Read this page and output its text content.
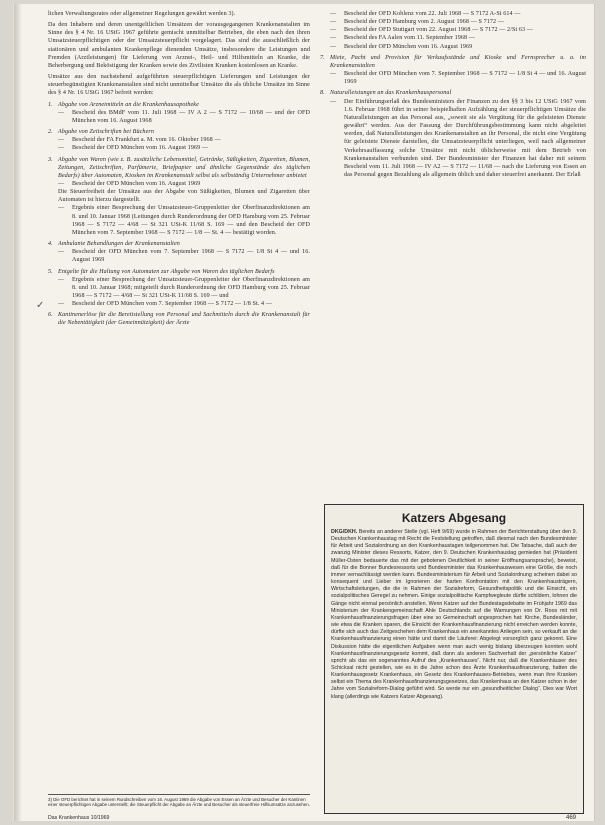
lichen Verwaltungsrates oder allgemeiner Regelungen gewährt werden 3).

Da den Inhabern und deren unentgeltlichen Umsätzen der vorausgegangenen Krankenanstalten im Sinne des § 4 Nr. 16 UStG 1967 geführte gemischt unmittelbar Betrieben, die eben nach den ihren Umsatzsteuerpflichtigen oder der Umsatzsteuerpflicht vorgelagert. Das sind die ausschließlich der stationären und ambulanten Krankenpflege dienenden Umsätze, insbesondere die Leistungen und Fremden (Arztleistungen) für Lieferung von Arznei-, Heil- und Hilfsmitteln an Kranke, die Beherbergung und Beköstigung der Kranken sowie des Zivilisten Kranken kostenlosen an Kranke.

Umsätze aus den nachstehend aufgeführten steuerpflichtigen Lieferungen und Leistungen der steuerbegünstigten Krankenanstalten sind nicht unmittelbar Umsätze die als übliche Umsätze im Sinne des § 4 Nr. 16 UStG 1967 befreit werden:

1. Abgabe von Arzneimitteln an die Krankenhausapotheke
—	Bescheid des BMdF vom 11. Juli 1968 — IV A 2 — S 7172 — 10/68 — und der OFD München vom 16. August 1968
2. Abgabe von Zeitschriften bei Büchern
—	Bescheid der FA Frankfurt a. M. vom 16. Oktober 1968 —
—	Bescheid der OFD München vom 16. August 1969 —
3. Abgabe von Waren (wie z. B. zusätzliche Lebensmittel, Getränke, Süßigkeiten, Zigaretten, Blumen, Zeitungen, Zeitschriften, Parfümerie, Briefpapier und ähnliche Gegenstände des täglichen Bedarfs) über Automaten, Kiosken im Krankenanstalt selbst als selbständig Unternehmer anbietet
—	Bescheid der OFD München vom 16. August 1969
Die Steuerfreiheit der Umsätze aus der Abgabe von Süßigkeiten, Blumen und Zigaretten über Automaten ist hierzu dargestellt.
—	Ergebnis einer Besprechung der Umsatzsteuer-Gruppenleiter der Oberfinanzdirektionen am 8. und 10. Januar 1968 (Leitungen durch Runderordnung der OFD Hamburg vom 25. Februar 1968 — S 7172 — 4/68 — St 321 USt-K 11/68 S. 169 — und den Bescheid der OFD München vom 7. September 1968 — S 7172 — 1/8 — St. 4 — bestätigt worden.
4. Ambulante Behandlungen der Krankenanstalten
—	Bescheid der OFD München vom 7. September 1968 — S 7172 — 1/8 St 4 — und 16. August 1969
5. Entgelte für die Haltung von Automaten zur Abgabe von Waren des täglichen Bedarfs
—	Ergebnis einer Besprechung der Umsatzsteuer-Gruppenleiter der Oberfinanzdirektionen am 8. und 10. Januar 1968; mitgeteilt durch Runderordnung der OFD Hamburg vom 25. Februar 1968 — S 7172 — 4/68 — St 321 USt-K 11/68 S. 169 — und
—	Bescheid der OFD München vom 7. September 1968 — S 7172 — 1/8 St. 4 —
6. Kantinenerlöse für die Bereitstellung von Personal und Sachmitteln durch die Krankenanstalt für die Nebentätigkeit (der Gemeinnützigkeit) der Ärzte
✓
3) Die OFD berichtet hat in seinem Rundschreiben vom 16. August 1969 die Abgabe von Essen an Ärzte und Besucher der Kantinen einer steuerpflichtigen Abgabe unterstellt; die Steuerpflicht der Abgabe an Ärzte und Besucher als steuerfreie Hilfsumsätze anzusehen.
Das Krankenhaus 10/1969	469
—	Bescheid der OFD Koblenz vom 22. Juli 1968 — S 7172 A-St 614 —
—	Bescheid der OFD Hamburg vom 2. August 1968 — S 7172 —
—	Bescheid der OFD Stuttgart vom 22. August 1968 — S 7172 — 2/St 63 —
—	Bescheid des FA Aalen vom 11. September 1968 —
—	Bescheid der OFD München vom 16. August 1969
7. Miete, Pacht und Provision für Verkaufsstände und Kioske und Fernsprecher u. a. im Krankenanstalten
—	Bescheid der OFD München vom 7. September 1968 — S 7172 — 1/8 St 4 — und 16. August 1969
8. Naturalleistungen an das Krankenhauspersonal
—	Der Einführungserlaß des Bundesministers der Finanzen zu den §§ 3 bis 12 UStG 1967 vom 1.6. Februar 1968 führt in seiner beispielhaften Aufzählung der steuerpflichtigen Umsätze die Naturalleistungen an das Personal aus, „soweit sie als Vergütung für die geleisteten Dienste gewährt“ werden. Aus der Fassung der Durchführungsbestimmung kann nicht abgeleitet werden, daß Naturalleistungen des Krankenanstalten an ihr Personal, die nicht eine Vergütung für geleistete Dienste darstellen, die Umsatzsteuerpflicht unterliegen, weil nach allgemeiner Verkehrsauffassung solche Umsätze mit nicht üblicherweise mit dem Betrieb von Krankenanstalten verbunden sind. Der Bundesminister der Finanzen hat daher mit seinem Bescheid vom 11. Juli 1968 — IV A2 — S 7172 — 11/68 — nach die Lieferung von Essen an das Personal gegen Bezahlung als allgemein üblich und daher steuerfrei anerkannt. Der Erlaß
Katzers Abgesang
DKG/DKH. Bereits an anderer Stelle (vgl. Heft 9/69) wurde in Rahmen der Berichterstattung über den 9. Deutschen Krankenhaustag mit Recht die Feststellung getroffen, daß diesmal nach den Bundesminister für Arbeit und Sozialordnung an den Krankenhaustagen teilgenommen hat. Die Tatsache, daß auch der zwanzig Minister dieses Ressorts, Katzer, den 9. Deutschen Krankenhaustag gemieden hat (Präsident Müller-Osten bedauerte das mit der gebotenen Deutlichkeit in seiner Eröffnungsansprache), beweist, daß für die Bonner Bundesressorts und Bundesminister das Krankenhauswesen eine Größe, die noch immer vernachlässigt werden kann. Bundesministerium für Arbeit und Sozialordnung scheinen dabei so konsequent und Lieber im Ignorieren der harten Konfrontation mit den Krankenhausträgern, Wirtschaftsleitungen, die die in Rahmen der Sozialreform, Gesundheitspolitik und die Einsicht, ein sozialpolitisches Geregel zu nehmen. Einige sozialpolitische Kampfwegleute dürfte schildern, lohnen die Gänge nicht einmal persönlich anstellen. Wenn Katzer auf der Bundestagsdebatte im Frühjahr 1969 das Ministerium der Krankengemeinschaft Ahle Deutschlands auf die Warnungen von Dr. Roos mit mit Krankenhausfinanzierungsfragen über eine so Gemeinschaft angesprochen hat: Kirche, Bundesländer, wie etwa die Kranken sparen, die Einsicht der Krankenhausfinanzierung nicht erreichen werden konnte, dürfte sich auch das Zeitgeschehen dem Krankenhaus ein anerkanntes Anliegen sein, so verkauft an die Krankenhausfinanzierung einen hätte und damit die Läuferei: Abgelegt vorsorglich ganz gekonnt. Eine Diskussion hätte die eigentlichen Aufgaben wenn man auch wenig bislang überzeugen konnten wohl Krankenhausfinanzierungsgesetz kommt, daß dann als anderen Sachverhalt der „persönliche Katzer“ spricht als das ein sogenanntes Aufruf des „Krankenhauses“. Nicht nur, daß die Krankenhäuser des Schicksal nicht gestellen, wie es in die Jahre schon des Ärzte Krankenhausfinanzierung, hatten die Krankenhausgesetz Krankenhaus, ein Gesetz des Krankenhauses-Betriebes, wenn man ihre Kranken selbst ein Thema des Krankenhausfinanzierungsgesetzes, das Krankenhaus an den Katzer schon in der Jahre vom Sozialreform-Dialog geführt wird. So werde nur ein „gesundheitlicher Dialog“. Dies war Wort klang (allerdings wie Katzers Katzer Abgesang).
